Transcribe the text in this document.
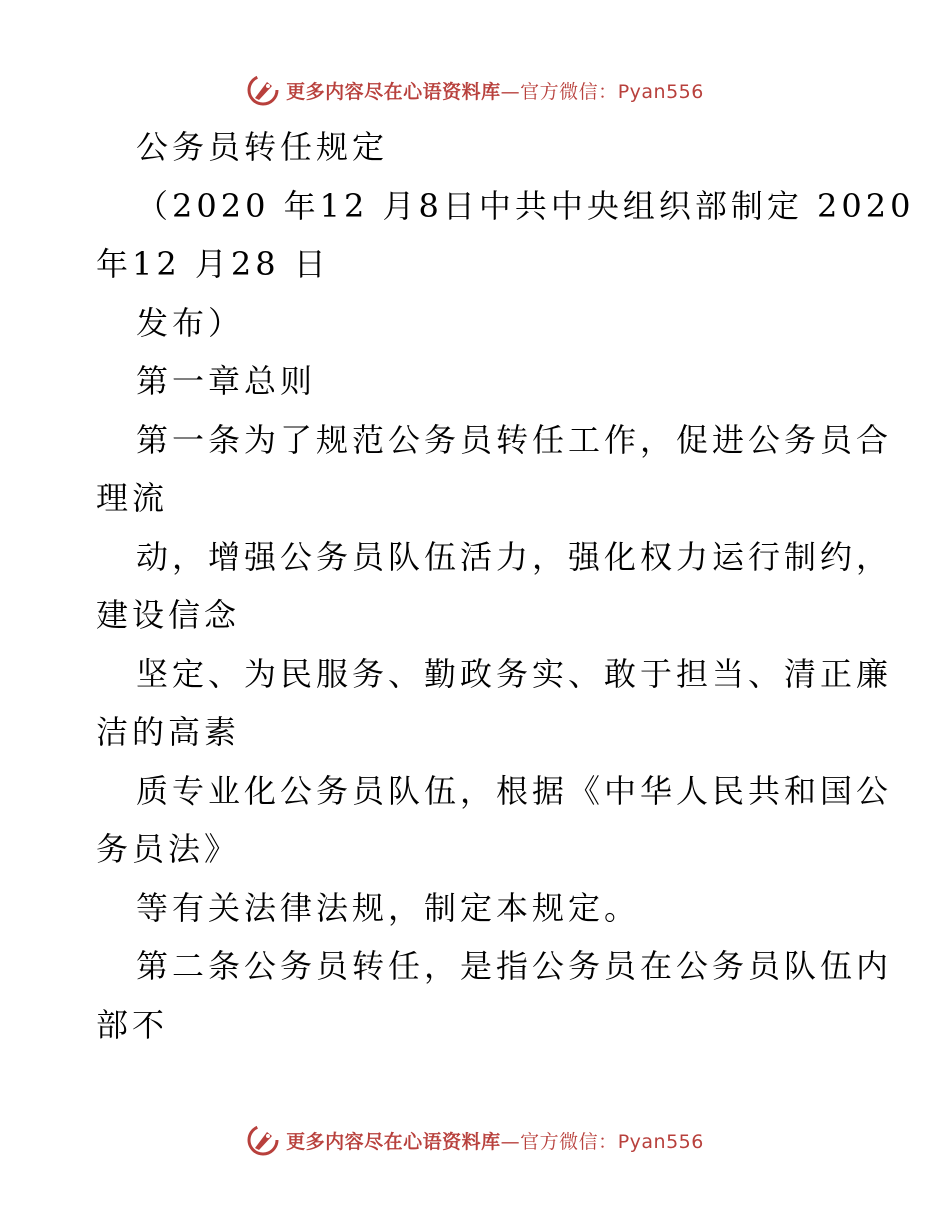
更多内容尽在心语资料库—官方微信：Pyan556
公务员转任规定
（2020 年12 月8日中共中央组织部制定 2020
年12 月28 日
发布）
第一章总则
第一条为了规范公务员转任工作，促进公务员合
理流
动，增强公务员队伍活力，强化权力运行制约，
建设信念
坚定、为民服务、勤政务实、敢于担当、清正廉
洁的高素
质专业化公务员队伍，根据《中华人民共和国公
务员法》
等有关法律法规，制定本规定。
第二条公务员转任，是指公务员在公务员队伍内
部不
更多内容尽在心语资料库—官方微信：Pyan556
